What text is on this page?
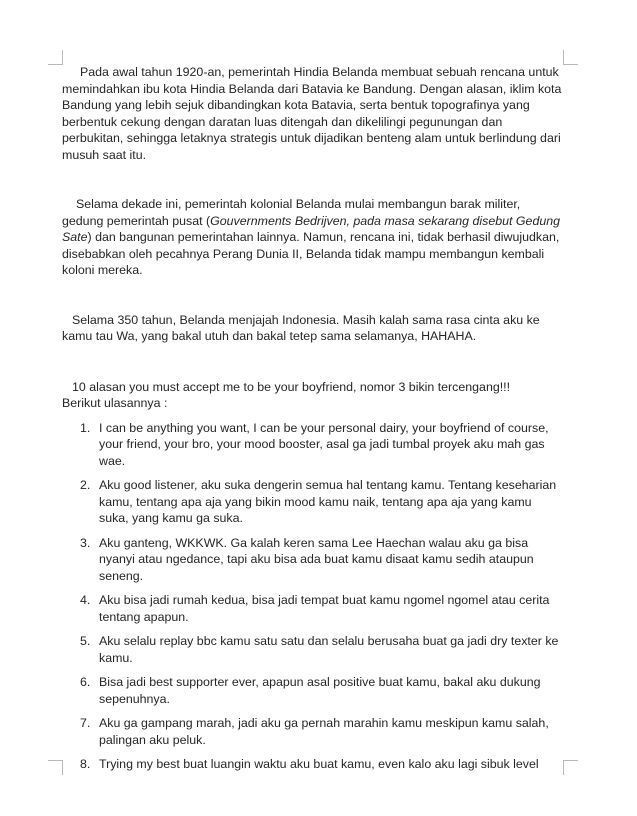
Pada awal tahun 1920-an, pemerintah Hindia Belanda membuat sebuah rencana untuk memindahkan ibu kota Hindia Belanda dari Batavia ke Bandung. Dengan alasan, iklim kota Bandung yang lebih sejuk dibandingkan kota Batavia, serta bentuk topografinya yang berbentuk cekung dengan daratan luas ditengah dan dikelilingi pegunungan dan perbukitan, sehingga letaknya strategis untuk dijadikan benteng alam untuk berlindung dari musuh saat itu.

Selama dekade ini, pemerintah kolonial Belanda mulai membangun barak militer, gedung pemerintah pusat (Gouvernments Bedrijven, pada masa sekarang disebut Gedung Sate) dan bangunan pemerintahan lainnya. Namun, rencana ini, tidak berhasil diwujudkan, disebabkan oleh pecahnya Perang Dunia II, Belanda tidak mampu membangun kembali koloni mereka.

Selama 350 tahun, Belanda menjajah Indonesia. Masih kalah sama rasa cinta aku ke kamu tau Wa, yang bakal utuh dan bakal tetep sama selamanya, HAHAHA.

10 alasan you must accept me to be your boyfriend, nomor 3 bikin tercengang!!!
Berikut ulasannya :

1. I can be anything you want, I can be your personal dairy, your boyfriend of course, your friend, your bro, your mood booster, asal ga jadi tumbal proyek aku mah gas wae.
2. Aku good listener, aku suka dengerin semua hal tentang kamu. Tentang keseharian kamu, tentang apa aja yang bikin mood kamu naik, tentang apa aja yang kamu suka, yang kamu ga suka.
3. Aku ganteng, WKKWK. Ga kalah keren sama Lee Haechan walau aku ga bisa nyanyi atau ngedance, tapi aku bisa ada buat kamu disaat kamu sedih ataupun seneng.
4. Aku bisa jadi rumah kedua, bisa jadi tempat buat kamu ngomel ngomel atau cerita tentang apapun.
5. Aku selalu replay bbc kamu satu satu dan selalu berusaha buat ga jadi dry texter ke kamu.
6. Bisa jadi best supporter ever, apapun asal positive buat kamu, bakal aku dukung sepenuhnya.
7. Aku ga gampang marah, jadi aku ga pernah marahin kamu meskipun kamu salah, palingan aku peluk.
8. Trying my best buat luangin waktu aku buat kamu, even kalo aku lagi sibuk level
